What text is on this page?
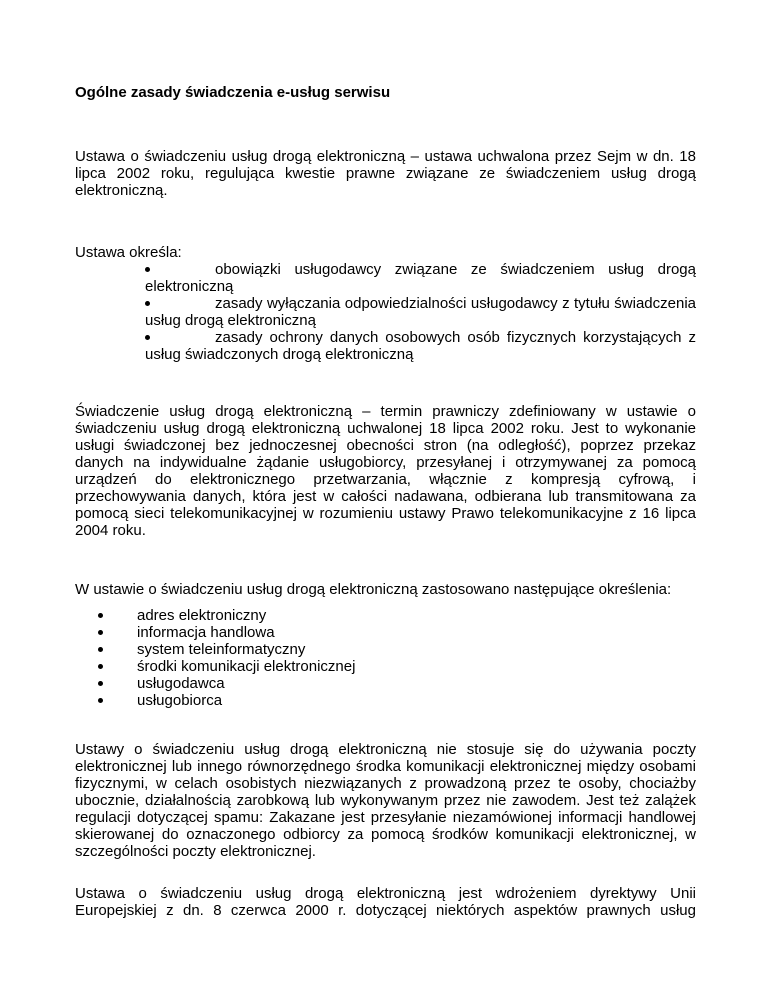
Ogólne zasady świadczenia e-usług serwisu
Ustawa o świadczeniu usług drogą elektroniczną – ustawa uchwalona przez Sejm w dn. 18 lipca 2002 roku, regulująca kwestie prawne związane ze świadczeniem usług drogą elektroniczną.
Ustawa określa:
obowiązki usługodawcy związane ze świadczeniem usług drogą elektroniczną
zasady wyłączania odpowiedzialności usługodawcy z tytułu świadczenia usług drogą elektroniczną
zasady ochrony danych osobowych osób fizycznych korzystających z usług świadczonych drogą elektroniczną
Świadczenie usług drogą elektroniczną – termin prawniczy zdefiniowany w ustawie o świadczeniu usług drogą elektroniczną uchwalonej 18 lipca 2002 roku. Jest to wykonanie usługi świadczonej bez jednoczesnej obecności stron (na odległość), poprzez przekaz danych na indywidualne żądanie usługobiorcy, przesyłanej i otrzymywanej za pomocą urządzeń do elektronicznego przetwarzania, włącznie z kompresją cyfrową, i przechowywania danych, która jest w całości nadawana, odbierana lub transmitowana za pomocą sieci telekomunikacyjnej w rozumieniu ustawy Prawo telekomunikacyjne z 16 lipca 2004 roku.
W ustawie o świadczeniu usług drogą elektroniczną zastosowano następujące określenia:
Ustawy o świadczeniu usług drogą elektroniczną nie stosuje się do używania poczty elektronicznej lub innego równorzędnego środka komunikacji elektronicznej między osobami fizycznymi, w celach osobistych niezwiązanych z prowadzoną przez te osoby, chociażby ubocznie, działalnością zarobkową lub wykonywanym przez nie zawodem. Jest też zalążek regulacji dotyczącej spamu: Zakazane jest przesyłanie niezamówionej informacji handlowej skierowanej do oznaczonego odbiorcy za pomocą środków komunikacji elektronicznej, w szczególności poczty elektronicznej.
Ustawa o świadczeniu usług drogą elektroniczną jest wdrożeniem dyrektywy Unii Europejskiej z dn. 8 czerwca 2000 r. dotyczącej niektórych aspektów prawnych usług
adres elektroniczny
informacja handlowa
system teleinformatyczny
środki komunikacji elektronicznej
usługodawca
usługobiorca
